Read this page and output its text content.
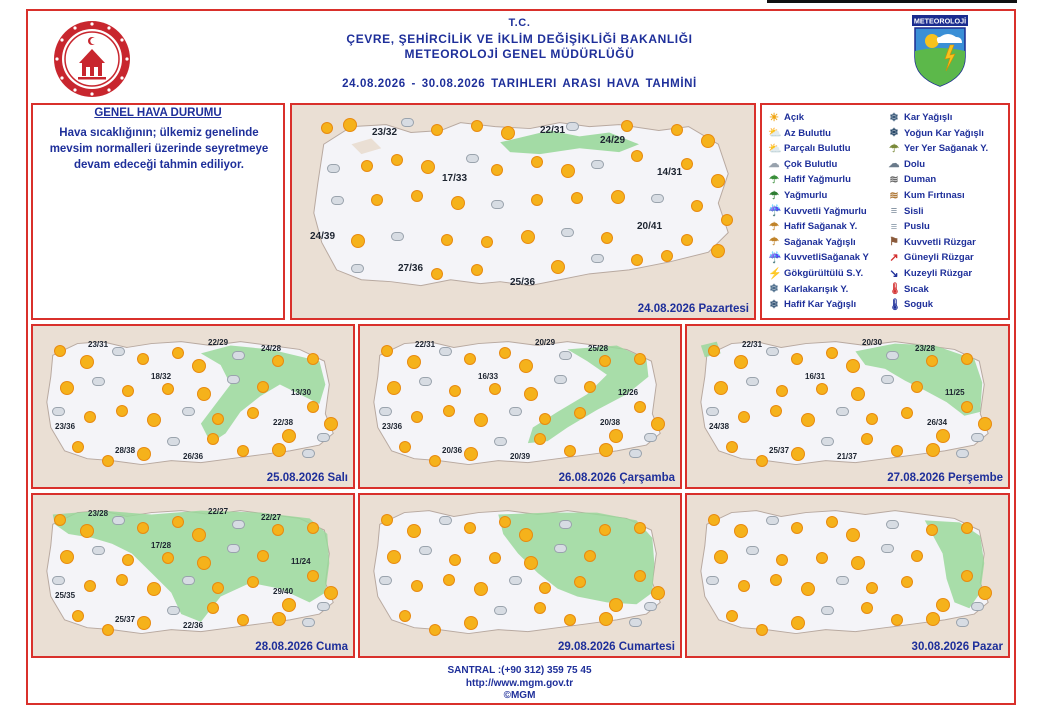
METEOROLOJİ
T.C.
ÇEVRE, ŞEHİRCİLİK VE İKLİM DEĞİŞİKLİĞİ BAKANLIĞI
METEOROLOJİ GENEL MÜDÜRLÜĞÜ
24.08.2026 - 30.08.2026 TARIHLERI ARASI HAVA TAHMİNİ
GENEL HAVA DURUMU
Hava sıcaklığının; ülkemiz genelinde mevsim normalleri üzerinde seyretmeye devam edeceği tahmin ediliyor.
23/32	22/31
24/29
17/33
14/31
24/39
20/41
27/36
25/36
24.08.2026 Pazartesi
☀ Açık
⛅ Az Bulutlu
⛅ Parçalı Bulutlu
☁ Çok Bulutlu
☂ Hafif Yağmurlu
☂ Yağmurlu
☔ Kuvvetli Yağmurlu
☂ Hafif Sağanak Y.
☂ Sağanak Yağışlı
☔ KuvvetliSağanak Y
⚡ Gökgürültülü S.Y.
❄ Karlakarışık Y.
❄ Hafif Kar Yağışlı
❄ Kar Yağışlı
❄ Yoğun Kar Yağışlı
☂ Yer Yer Sağanak Y.
☁ Dolu
≋ Duman
≋ Kum Fırtınası
≡ Sisli
≡ Puslu
⚑ Kuvvetli Rüzgar
↗ Güneyli Rüzgar
↘ Kuzeyli Rüzgar
🌡 Sıcak
🌡 Soguk
23/31	22/29
24/28
18/32
13/30
23/36	22/38
28/38
26/36
25.08.2026 Salı
22/31	20/29
25/28
16/33
12/26
23/36	20/38
20/36
20/39
26.08.2026 Çarşamba
22/31	20/30
23/28
16/31
11/25
24/38	26/34
25/37
21/37
27.08.2026 Perşembe
23/28	22/27
22/27
17/28
11/24
25/35	29/40
25/37
22/36
28.08.2026 Cuma	29.08.2026 Cumartesi	30.08.2026 Pazar
SANTRAL :(+90 312) 359 75 45
http://www.mgm.gov.tr
©MGM
